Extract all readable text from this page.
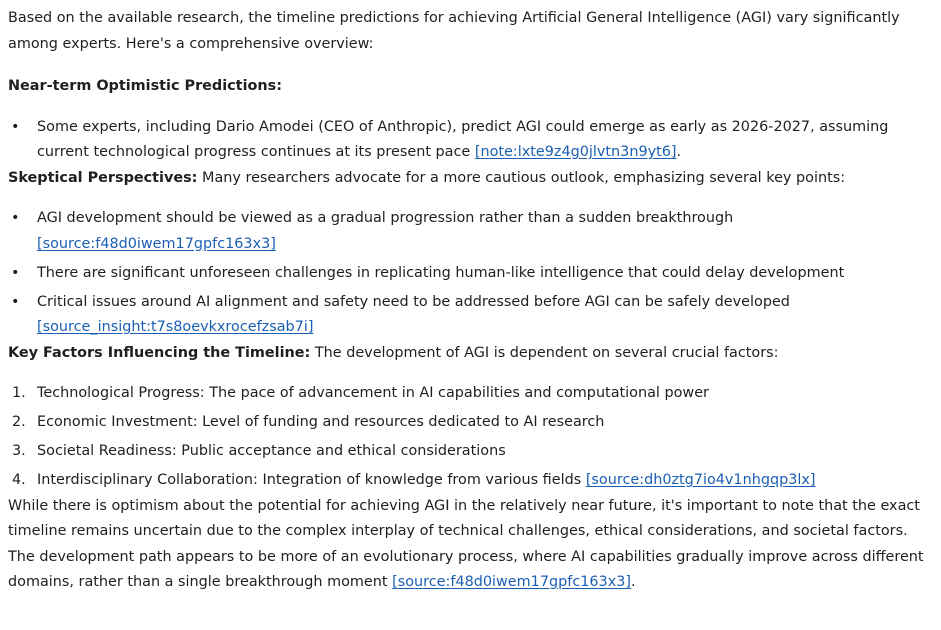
Based on the available research, the timeline predictions for achieving Artificial General Intelligence (AGI) vary significantly among experts. Here's a comprehensive overview:

Near-term Optimistic Predictions:

• Some experts, including Dario Amodei (CEO of Anthropic), predict AGI could emerge as early as 2026-2027, assuming current technological progress continues at its present pace [note:lxte9z4g0jlvtn3n9yt6].

Skeptical Perspectives: Many researchers advocate for a more cautious outlook, emphasizing several key points:

• AGI development should be viewed as a gradual progression rather than a sudden breakthrough [source:f48d0iwem17gpfc163x3]
• There are significant unforeseen challenges in replicating human-like intelligence that could delay development
• Critical issues around AI alignment and safety need to be addressed before AGI can be safely developed [source_insight:t7s8oevkxrocefzsab7i]

Key Factors Influencing the Timeline: The development of AGI is dependent on several crucial factors:

1. Technological Progress: The pace of advancement in AI capabilities and computational power
2. Economic Investment: Level of funding and resources dedicated to AI research
3. Societal Readiness: Public acceptance and ethical considerations
4. Interdisciplinary Collaboration: Integration of knowledge from various fields [source:dh0ztg7io4v1nhgqp3lx]

While there is optimism about the potential for achieving AGI in the relatively near future, it's important to note that the exact timeline remains uncertain due to the complex interplay of technical challenges, ethical considerations, and societal factors. The development path appears to be more of an evolutionary process, where AI capabilities gradually improve across different domains, rather than a single breakthrough moment [source:f48d0iwem17gpfc163x3].
